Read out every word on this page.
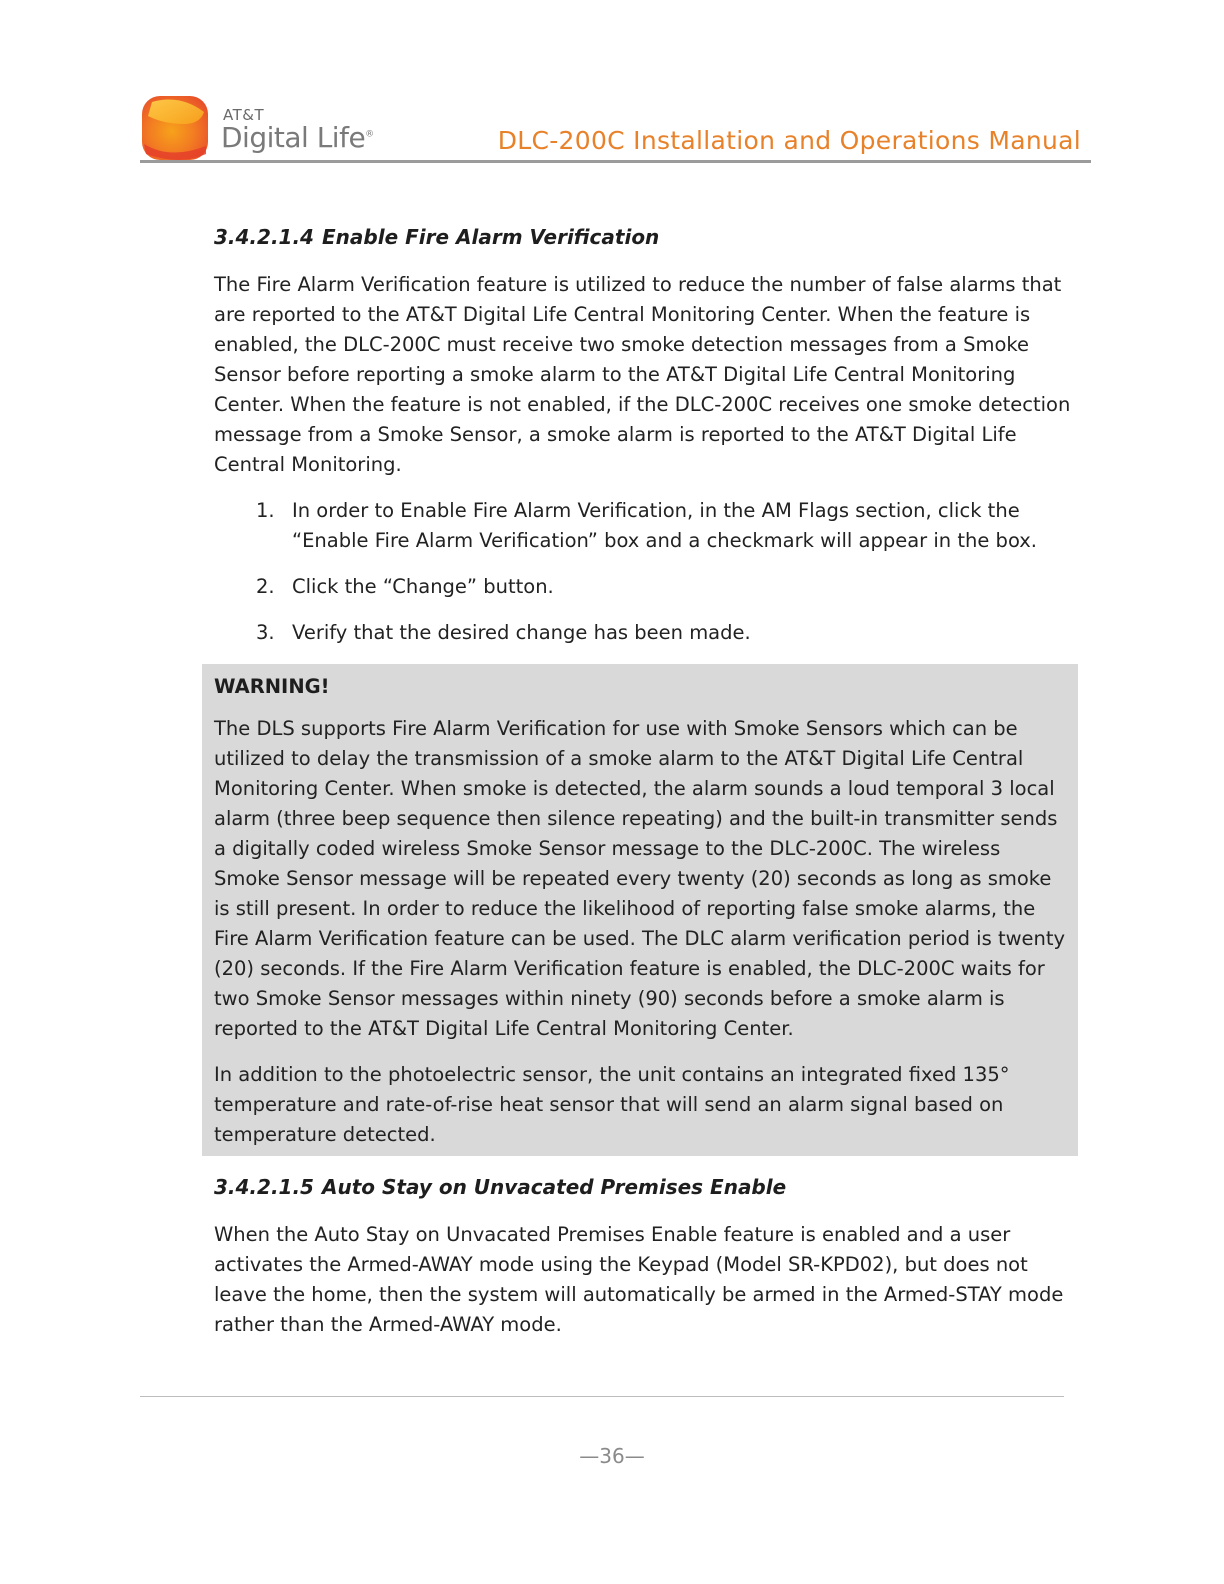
AT&T
Digital Life®	DLC-200C Installation and Operations Manual
3.4.2.1.4 Enable Fire Alarm Verification

The Fire Alarm Verification feature is utilized to reduce the number of false alarms that are reported to the AT&T Digital Life Central Monitoring Center. When the feature is enabled, the DLC-200C must receive two smoke detection messages from a Smoke Sensor before reporting a smoke alarm to the AT&T Digital Life Central Monitoring Center. When the feature is not enabled, if the DLC-200C receives one smoke detection message from a Smoke Sensor, a smoke alarm is reported to the AT&T Digital Life Central Monitoring.

1. In order to Enable Fire Alarm Verification, in the AM Flags section, click the “Enable Fire Alarm Verification” box and a checkmark will appear in the box.
2. Click the “Change” button.
3. Verify that the desired change has been made.
WARNING!

The DLS supports Fire Alarm Verification for use with Smoke Sensors which can be utilized to delay the transmission of a smoke alarm to the AT&T Digital Life Central Monitoring Center. When smoke is detected, the alarm sounds a loud temporal 3 local alarm (three beep sequence then silence repeating) and the built-in transmitter sends a digitally coded wireless Smoke Sensor message to the DLC-200C. The wireless Smoke Sensor message will be repeated every twenty (20) seconds as long as smoke is still present. In order to reduce the likelihood of reporting false smoke alarms, the Fire Alarm Verification feature can be used. The DLC alarm verification period is twenty (20) seconds. If the Fire Alarm Verification feature is enabled, the DLC-200C waits for two Smoke Sensor messages within ninety (90) seconds before a smoke alarm is reported to the AT&T Digital Life Central Monitoring Center.

In addition to the photoelectric sensor, the unit contains an integrated fixed 135° temperature and rate-of-rise heat sensor that will send an alarm signal based on temperature detected.

3.4.2.1.5 Auto Stay on Unvacated Premises Enable

When the Auto Stay on Unvacated Premises Enable feature is enabled and a user activates the Armed-AWAY mode using the Keypad (Model SR-KPD02), but does not leave the home, then the system will automatically be armed in the Armed-STAY mode rather than the Armed-AWAY mode.

—36—
